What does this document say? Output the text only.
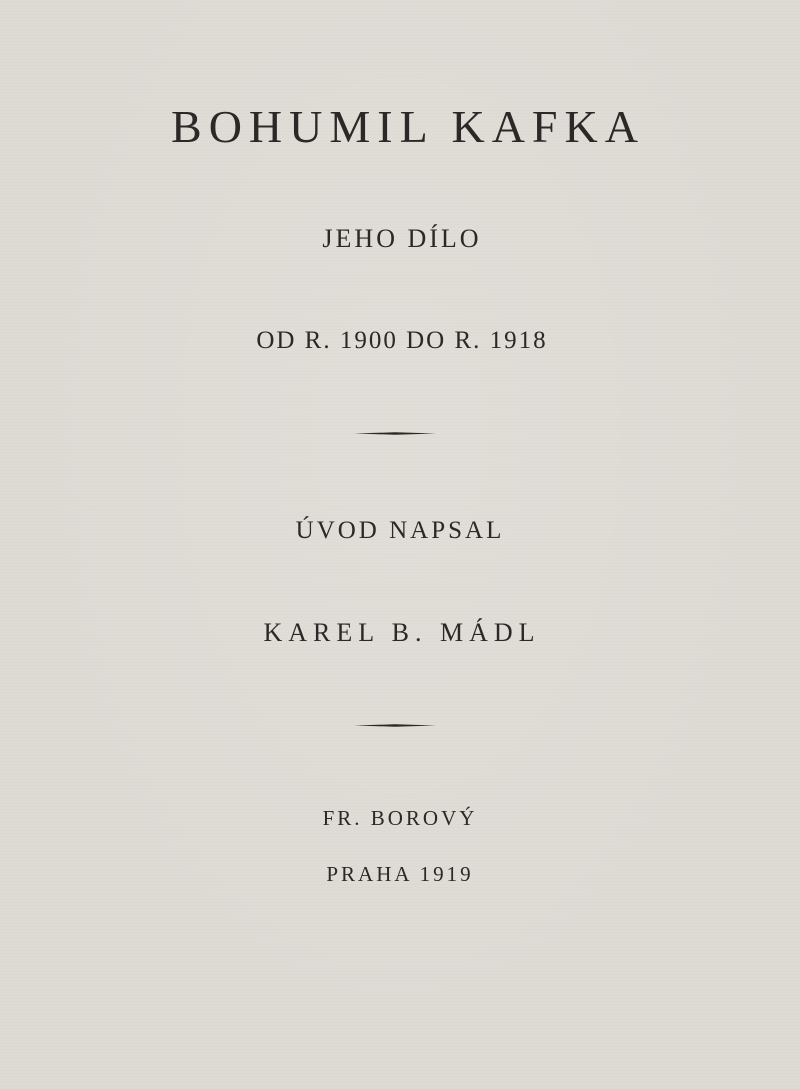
BOHUMIL KAFKA
JEHO DÍLO
OD R. 1900 DO R. 1918
ÚVOD NAPSAL
KAREL B. MÁDL
FR. BOROVÝ
PRAHA 1919
